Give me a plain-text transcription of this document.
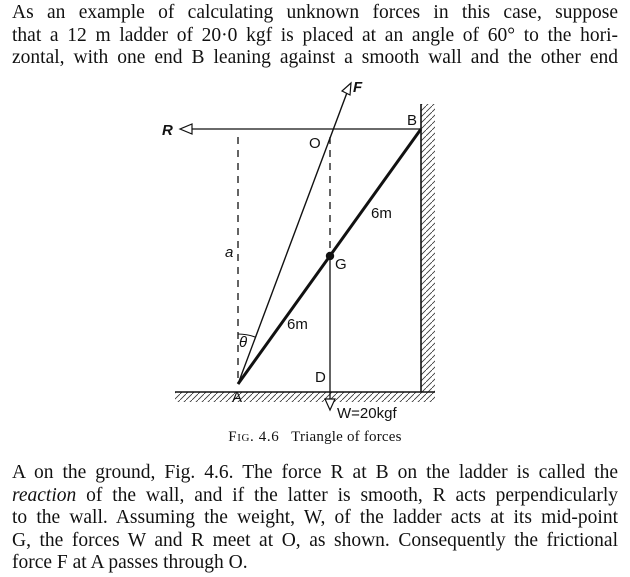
As an example of calculating unknown forces in this case, suppose
that a 12 m ladder of 20·0 kgf is placed at an angle of 60° to the hori-
zontal, with one end B leaning against a smooth wall and the other end
R
F
O
B
G
D
A
a
θ
6m
6m
W=20kgf
Fig. 4.6 Triangle of forces
A on the ground, Fig. 4.6. The force R at B on the ladder is called the
reaction of the wall, and if the latter is smooth, R acts perpendicularly
to the wall. Assuming the weight, W, of the ladder acts at its mid-point
G, the forces W and R meet at O, as shown. Consequently the frictional
force F at A passes through O.
